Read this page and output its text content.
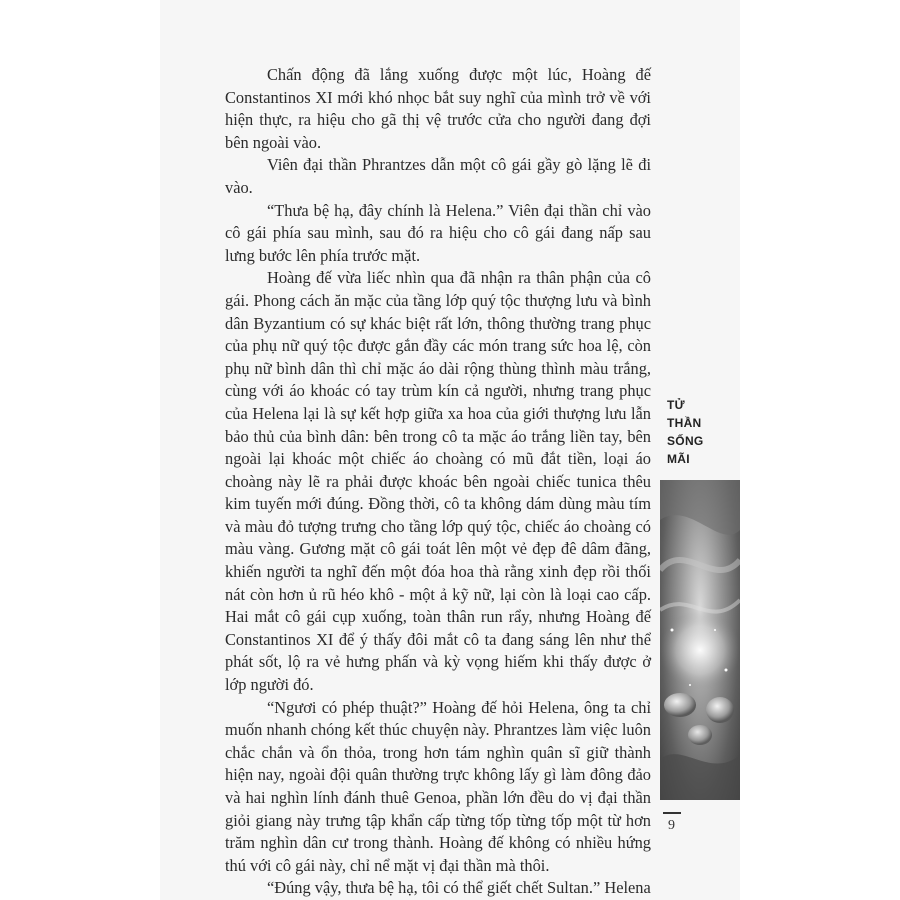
Chấn động đã lắng xuống được một lúc, Hoàng đế Constantinos XI mới khó nhọc bắt suy nghĩ của mình trở về với hiện thực, ra hiệu cho gã thị vệ trước cửa cho người đang đợi bên ngoài vào.

Viên đại thần Phrantzes dẫn một cô gái gầy gò lặng lẽ đi vào.

“Thưa bệ hạ, đây chính là Helena.” Viên đại thần chỉ vào cô gái phía sau mình, sau đó ra hiệu cho cô gái đang nấp sau lưng bước lên phía trước mặt.

Hoàng đế vừa liếc nhìn qua đã nhận ra thân phận của cô gái. Phong cách ăn mặc của tầng lớp quý tộc thượng lưu và bình dân Byzantium có sự khác biệt rất lớn, thông thường trang phục của phụ nữ quý tộc được gắn đầy các món trang sức hoa lệ, còn phụ nữ bình dân thì chỉ mặc áo dài rộng thùng thình màu trắng, cùng với áo khoác có tay trùm kín cả người, nhưng trang phục của Helena lại là sự kết hợp giữa xa hoa của giới thượng lưu lẫn bảo thủ của bình dân: bên trong cô ta mặc áo trắng liền tay, bên ngoài lại khoác một chiếc áo choàng có mũ đắt tiền, loại áo choàng này lẽ ra phải được khoác bên ngoài chiếc tunica thêu kim tuyến mới đúng. Đồng thời, cô ta không dám dùng màu tím và màu đỏ tượng trưng cho tầng lớp quý tộc, chiếc áo choàng có màu vàng. Gương mặt cô gái toát lên một vẻ đẹp đê dâm đãng, khiến người ta nghĩ đến một đóa hoa thà rằng xinh đẹp rồi thối nát còn hơn ủ rũ héo khô - một ả kỹ nữ, lại còn là loại cao cấp. Hai mắt cô gái cụp xuống, toàn thân run rẩy, nhưng Hoàng đế Constantinos XI để ý thấy đôi mắt cô ta đang sáng lên như thể phát sốt, lộ ra vẻ hưng phấn và kỳ vọng hiếm khi thấy được ở lớp người đó.

“Ngươi có phép thuật?” Hoàng đế hỏi Helena, ông ta chỉ muốn nhanh chóng kết thúc chuyện này. Phrantzes làm việc luôn chắc chắn và ổn thỏa, trong hơn tám nghìn quân sĩ giữ thành hiện nay, ngoài đội quân thường trực không lấy gì làm đông đảo và hai nghìn lính đánh thuê Genoa, phần lớn đều do vị đại thần giỏi giang này trưng tập khẩn cấp từng tốp từng tốp một từ hơn trăm nghìn dân cư trong thành. Hoàng đế không có nhiều hứng thú với cô gái này, chỉ nể mặt vị đại thần mà thôi.

“Đúng vậy, thưa bệ hạ, tôi có thể giết chết Sultan.” Helena

TỬ
THẦN
SỐNG
MÃI
9
